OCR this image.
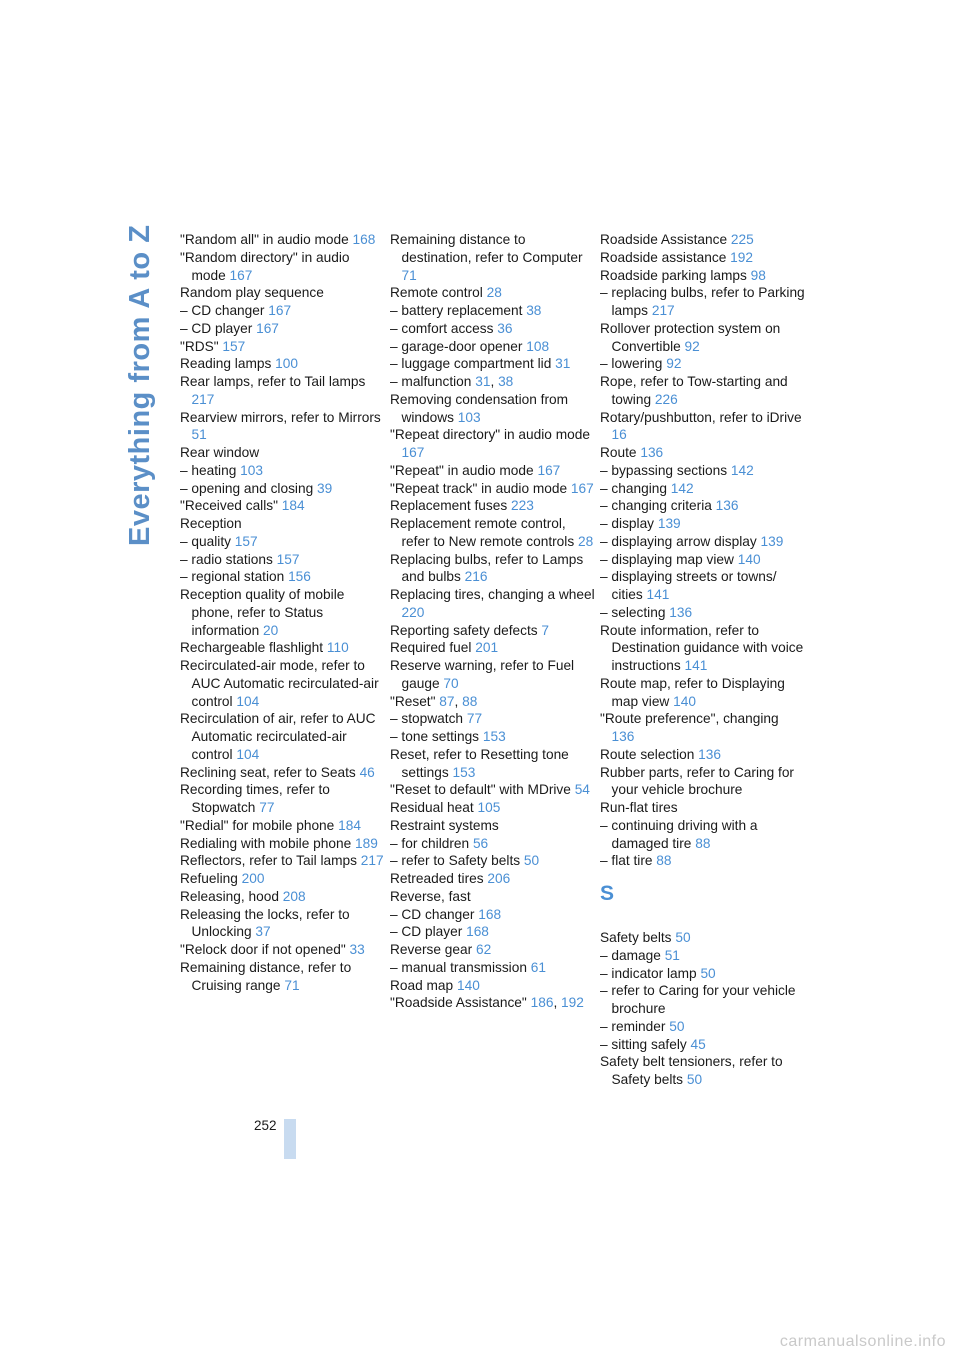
Everything from A to Z "Random all" in audio mode 168
"Random directory" in audio mode 167
Random play sequence
– CD changer 167
– CD player 167
"RDS" 157
Reading lamps 100
Rear lamps, refer to Tail lamps 217
Rearview mirrors, refer to Mirrors 51
Rear window
– heating 103
– opening and closing 39
"Received calls" 184
Reception
– quality 157
– radio stations 157
– regional station 156
Reception quality of mobile phone, refer to Status information 20
Rechargeable flashlight 110
Recirculated-air mode, refer to AUC Automatic recirculated-air control 104
Recirculation of air, refer to AUC Automatic recirculated-air control 104
Reclining seat, refer to Seats 46
Recording times, refer to Stopwatch 77
"Redial" for mobile phone 184
Redialing with mobile phone 189
Reflectors, refer to Tail lamps 217
Refueling 200
Releasing, hood 208
Releasing the locks, refer to Unlocking 37
"Relock door if not opened" 33
Remaining distance, refer to Cruising range 71
Remaining distance to destination, refer to Computer 71
Remote control 28
– battery replacement 38
– comfort access 36
– garage-door opener 108
– luggage compartment lid 31
– malfunction 31, 38
Removing condensation from windows 103
"Repeat directory" in audio mode 167
"Repeat" in audio mode 167
"Repeat track" in audio mode 167
Replacement fuses 223
Replacement remote control, refer to New remote controls 28
Replacing bulbs, refer to Lamps and bulbs 216
Replacing tires, changing a wheel 220
Reporting safety defects 7
Required fuel 201
Reserve warning, refer to Fuel gauge 70
"Reset" 87, 88
– stopwatch 77
– tone settings 153
Reset, refer to Resetting tone settings 153
"Reset to default" with MDrive 54
Residual heat 105
Restraint systems
– for children 56
– refer to Safety belts 50
Retreaded tires 206
Reverse, fast
– CD changer 168
– CD player 168
Reverse gear 62
– manual transmission 61
Road map 140
"Roadside Assistance" 186, 192
Roadside Assistance 225
Roadside assistance 192
Roadside parking lamps 98
– replacing bulbs, refer to Parking lamps 217
Rollover protection system on Convertible 92
– lowering 92
Rope, refer to Tow-starting and towing 226
Rotary/pushbutton, refer to iDrive 16
Route 136
– bypassing sections 142
– changing 142
– changing criteria 136
– display 139
– displaying arrow display 139
– displaying map view 140
– displaying streets or towns/ cities 141
– selecting 136
Route information, refer to Destination guidance with voice instructions 141
Route map, refer to Displaying map view 140
"Route preference", changing 136
Route selection 136
Rubber parts, refer to Caring for your vehicle brochure
Run-flat tires
– continuing driving with a damaged tire 88
– flat tire 88
S
Safety belts 50
– damage 51
– indicator lamp 50
– refer to Caring for your vehicle brochure
– reminder 50
– sitting safely 45
Safety belt tensioners, refer to Safety belts 50
252
carmanualsonline.info
